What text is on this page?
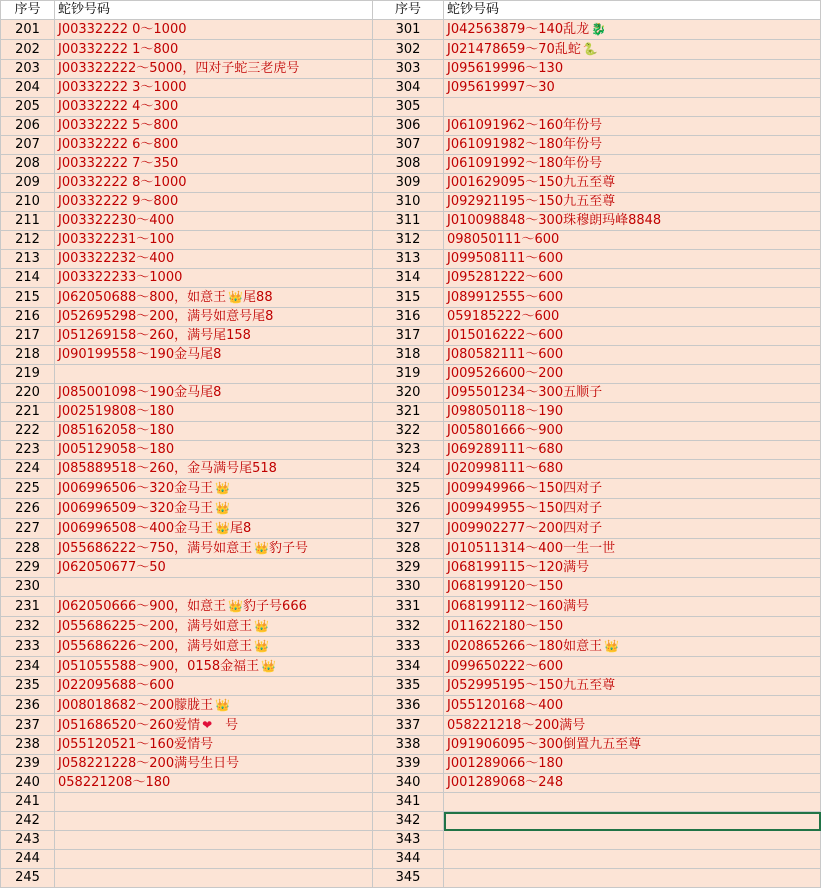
序号	蛇钞号码	序号	蛇钞号码
201	J00332222 0～1000	301	J042563879～140乱龙 🐉
202	J00332222 1～800	302	J021478659～70乱蛇 🐍
203	J003322222～5000，四对子蛇三老虎号	303	J095619996～130
204	J00332222 3～1000	304	J095619997～30
205	J00332222 4～300	305	
206	J00332222 5～800	306	J061091962～160年份号
207	J00332222 6～800	307	J061091982～180年份号
208	J00332222 7～350	308	J061091992～180年份号
209	J00332222 8～1000	309	J001629095～150九五至尊
210	J00332222 9～800	310	J092921195～150九五至尊
211	J003322230～400	311	J010098848～300珠穆朗玛峰8848
212	J003322231～100	312	098050111～600
213	J003322232～400	313	J099508111～600
214	J003322233～1000	314	J095281222～600
215	J062050688～800，如意王 👑尾88	315	J089912555～600
216	J052695298～200，满号如意号尾8	316	059185222～600
217	J051269158～260，满号尾158	317	J015016222～600
218	J090199558～190金马尾8	318	J080582111～600
219		319	J009526600～200
220	J085001098～190金马尾8	320	J095501234～300五顺子
221	J002519808～180	321	J098050118～190
222	J085162058～180	322	J005801666～900
223	J005129058～180	323	J069289111～680
224	J085889518～260，金马满号尾518	324	J020998111～680
225	J006996506～320金马王 👑	325	J009949966～150四对子
226	J006996509～320金马王 👑	326	J009949955～150四对子
227	J006996508～400金马王 👑尾8	327	J009902277～200四对子
228	J055686222～750，满号如意王 👑豹子号	328	J010511314～400一生一世
229	J062050677～50	329	J068199115～120满号
230		330	J068199120～150
231	J062050666～900，如意王 👑豹子号666	331	J068199112～160满号
232	J055686225～200，满号如意王 👑	332	J011622180～150
233	J055686226～200，满号如意王 👑	333	J020865266～180如意王 👑
234	J051055588～900，0158金福王 👑	334	J099650222～600
235	J022095688～600	335	J052995195～150九五至尊
236	J008018682～200朦胧王 👑	336	J055120168～400
237	J051686520～260爱情 ❤　号	337	058221218～200满号
238	J055120521～160爱情号	338	J091906095～300倒置九五至尊
239	J058221228～200满号生日号	339	J001289066～180
240	058221208～180	340	J001289068～248
241		341	
242		342	
243		343	
244		344	
245		345	
